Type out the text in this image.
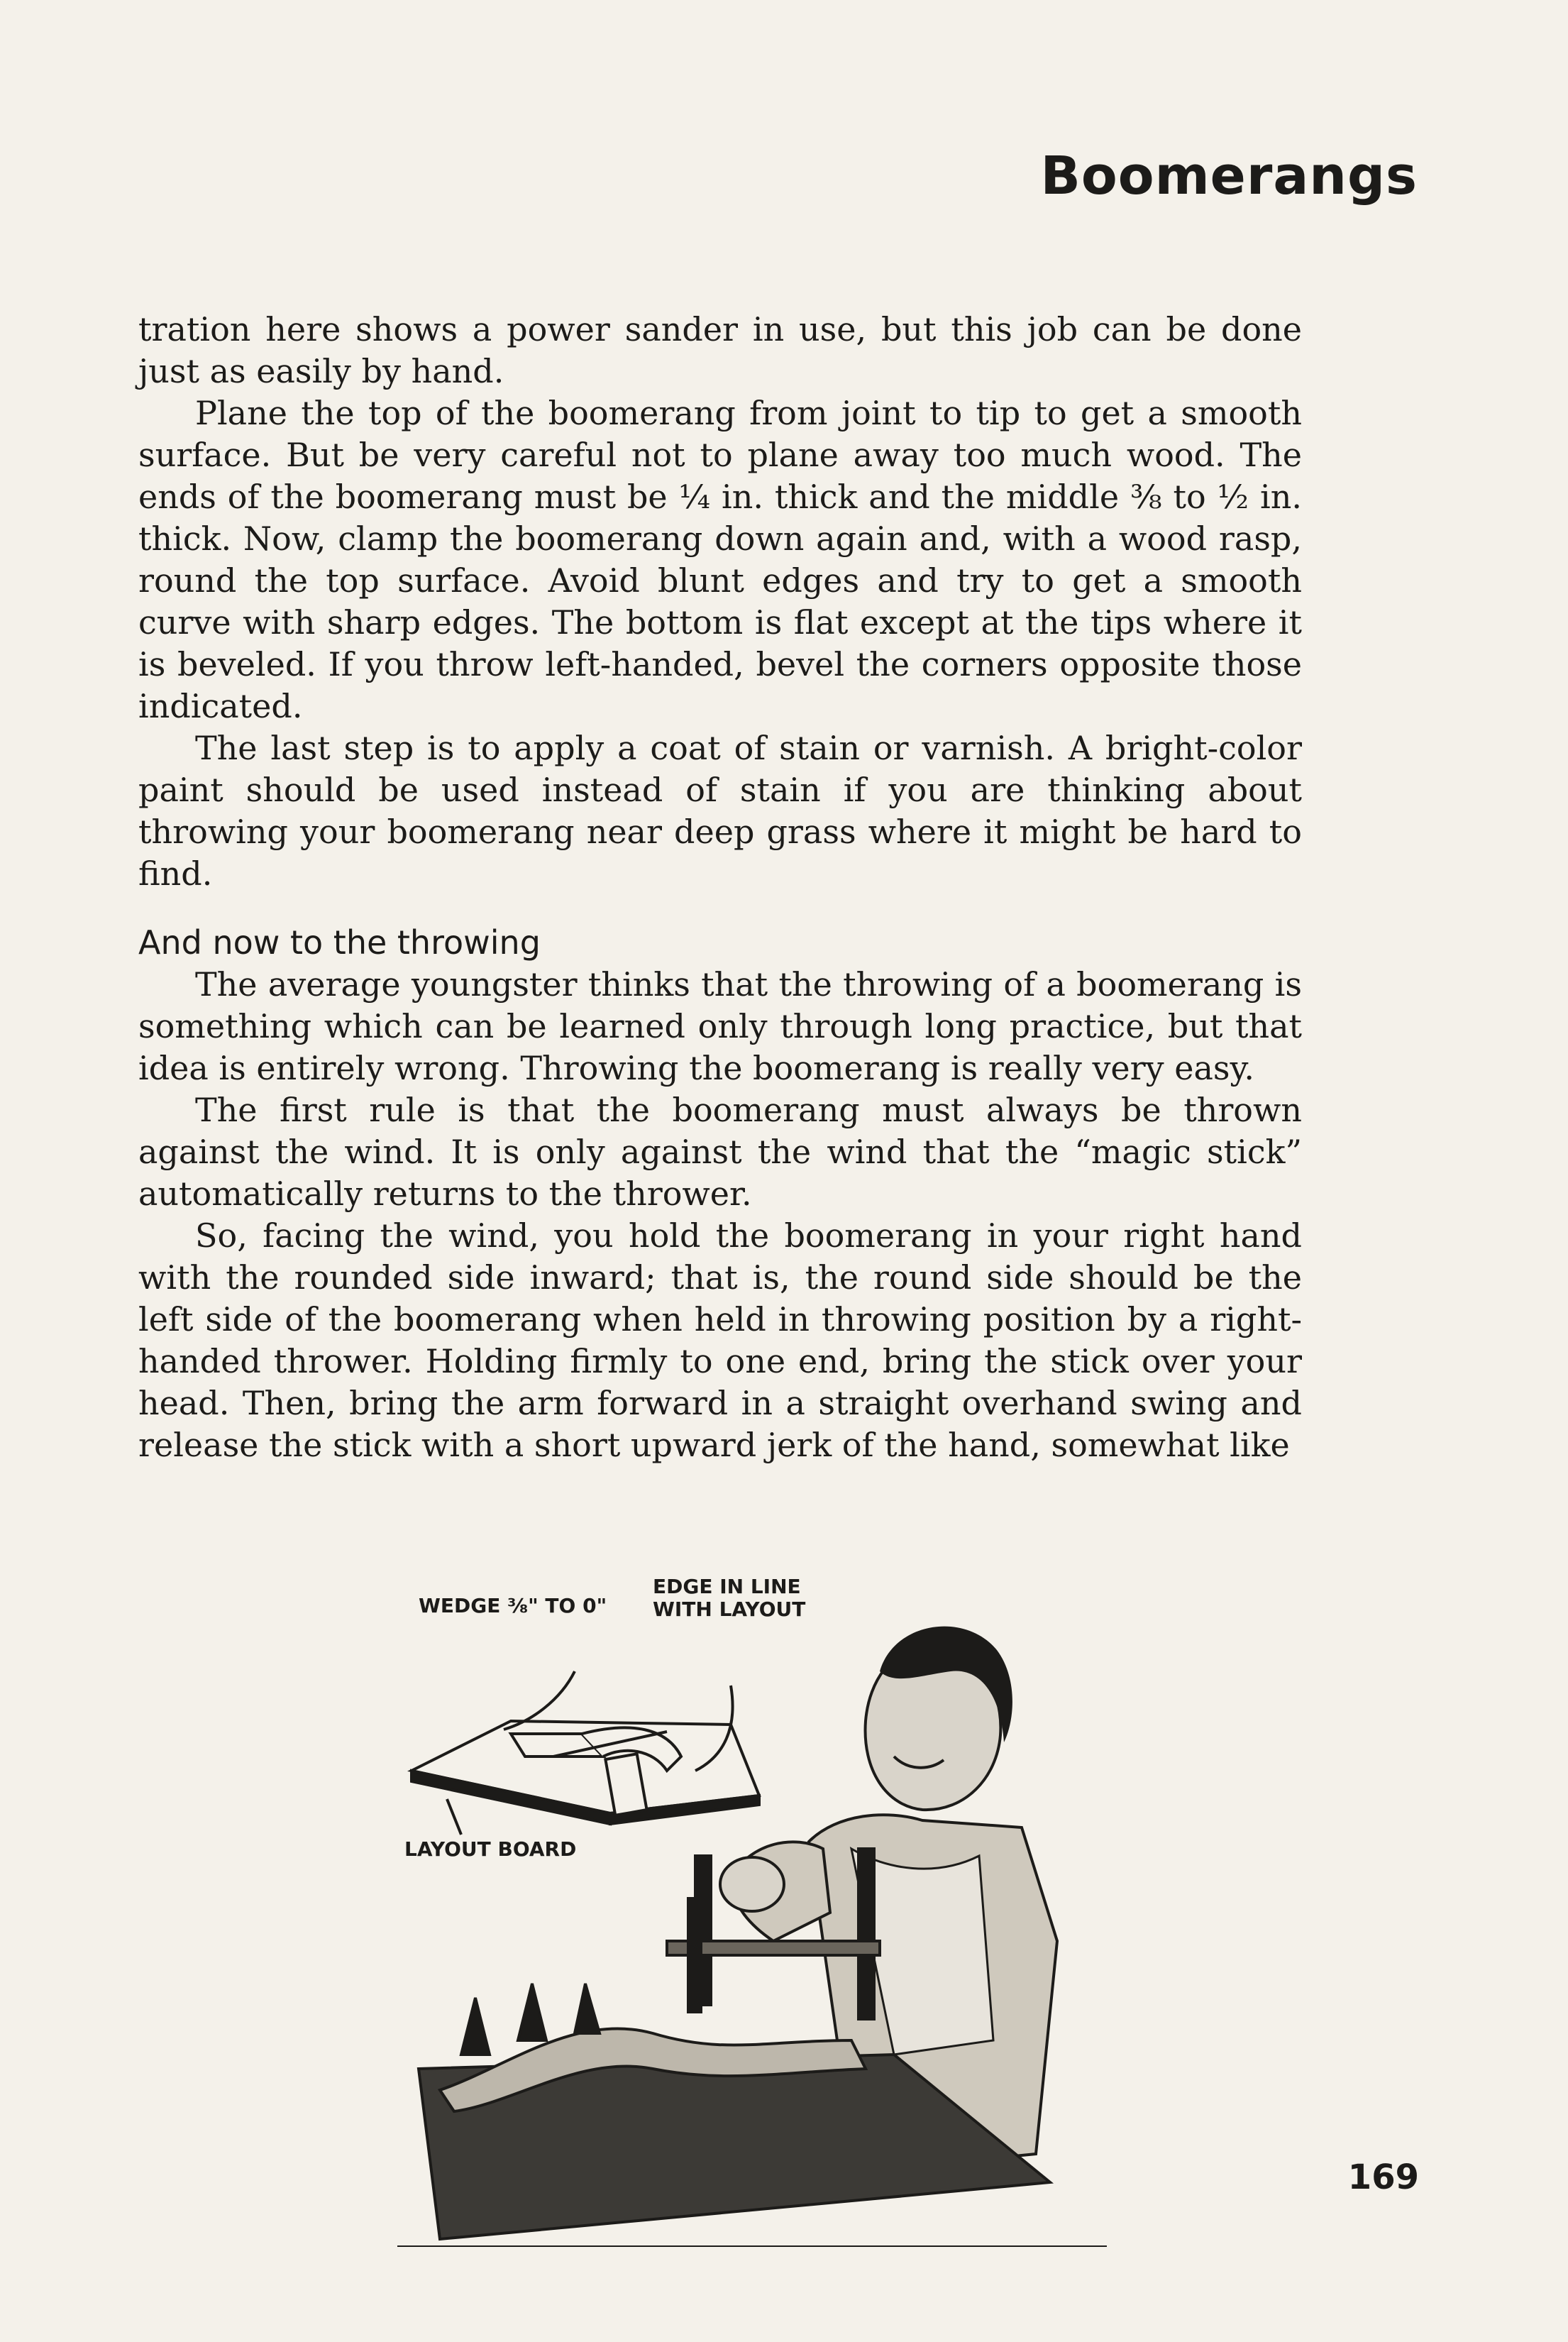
Boomerangs

tration here shows a power sander in use, but this job can be done just as easily by hand.

Plane the top of the boomerang from joint to tip to get a smooth surface. But be very careful not to plane away too much wood. The ends of the boomerang must be ¼ in. thick and the middle ⅜ to ½ in. thick. Now, clamp the boomerang down again and, with a wood rasp, round the top surface. Avoid blunt edges and try to get a smooth curve with sharp edges. The bottom is flat except at the tips where it is beveled. If you throw left-handed, bevel the corners opposite those indicated.

The last step is to apply a coat of stain or varnish. A bright-color paint should be used instead of stain if you are thinking about throwing your boomerang near deep grass where it might be hard to find.

And now to the throwing

The average youngster thinks that the throwing of a boomerang is something which can be learned only through long practice, but that idea is entirely wrong. Throwing the boomerang is really very easy.

The first rule is that the boomerang must always be thrown against the wind. It is only against the wind that the “magic stick” automatically returns to the thrower.

So, facing the wind, you hold the boomerang in your right hand with the rounded side inward; that is, the round side should be the left side of the boomerang when held in throwing position by a right-handed thrower. Holding firmly to one end, bring the stick over your head. Then, bring the arm forward in a straight overhand swing and release the stick with a short upward jerk of the hand, somewhat like

WEDGE ⅜" TO 0"
EDGE IN LINE
WITH LAYOUT
LAYOUT BOARD
169
